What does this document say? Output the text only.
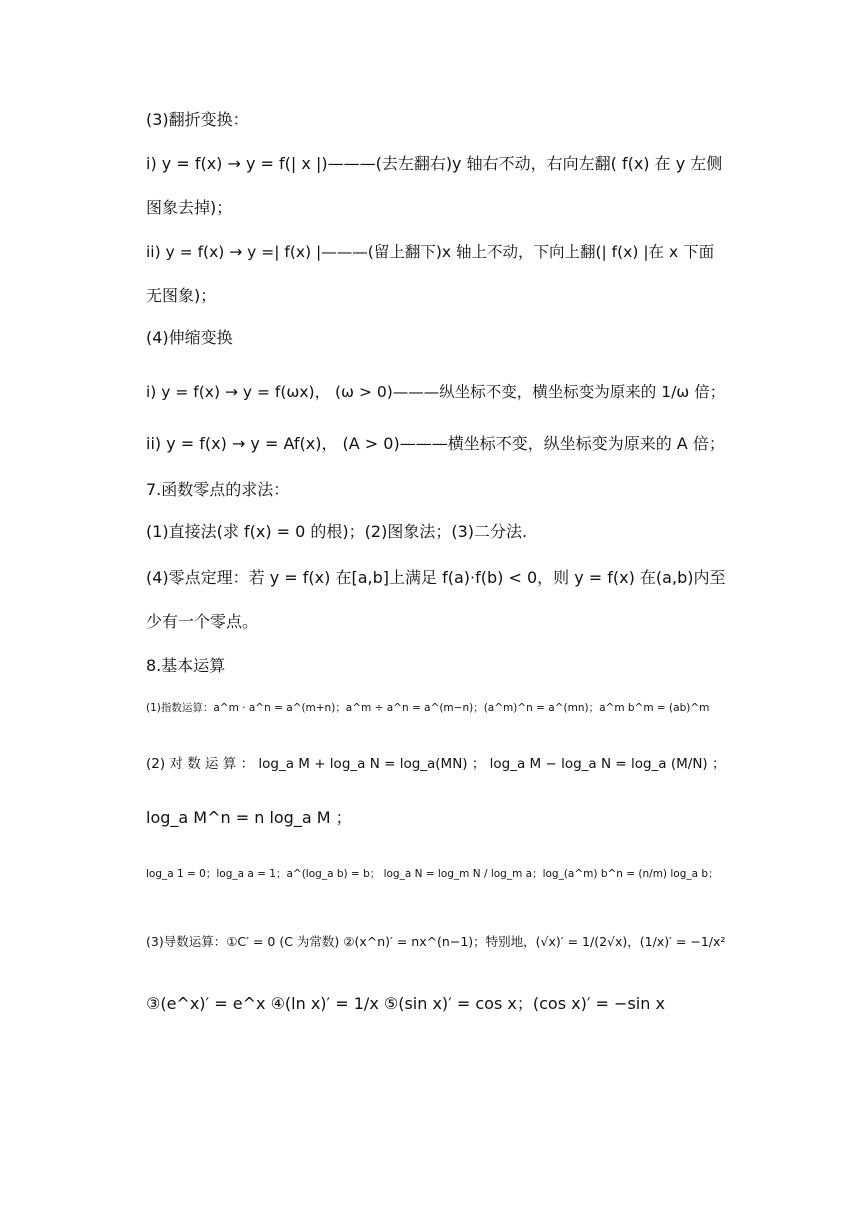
(3)翻折变换：
i) y = f(x) → y = f(| x |)———(去左翻右)y 轴右不动，右向左翻( f(x) 在 y 左侧
图象去掉)；
ii) y = f(x) → y =| f(x) |———(留上翻下)x 轴上不动，下向上翻(| f(x) |在 x 下面
无图象)；
(4)伸缩变换
i) y = f(x) → y = f(ωx)， (ω > 0)———纵坐标不变，横坐标变为原来的 1/ω 倍；
ii) y = f(x) → y = Af(x)， (A > 0)———横坐标不变，纵坐标变为原来的 A 倍；
7.函数零点的求法：
(1)直接法(求 f(x) = 0 的根)；(2)图象法；(3)二分法.
(4)零点定理：若 y = f(x) 在[a,b]上满足 f(a)·f(b) < 0，则 y = f(x) 在(a,b)内至
少有一个零点。
8.基本运算
(1)指数运算：a^m · a^n = a^(m+n)；a^m ÷ a^n = a^(m−n)；(a^m)^n = a^(mn)；a^m b^m = (ab)^m
(2) 对 数 运 算 ： log_a M + log_a N = log_a(MN) ； log_a M − log_a N = log_a (M/N) ；
log_a M^n = n log_a M ；
log_a 1 = 0；log_a a = 1；a^(log_a b) = b； log_a N = log_m N / log_m a；log_(a^m) b^n = (n/m) log_a b；
(3)导数运算：①C′ = 0 (C 为常数) ②(x^n)′ = nx^(n−1)；特别地，(√x)′ = 1/(2√x)，(1/x)′ = −1/x²
③(e^x)′ = e^x ④(ln x)′ = 1/x ⑤(sin x)′ = cos x；(cos x)′ = −sin x
